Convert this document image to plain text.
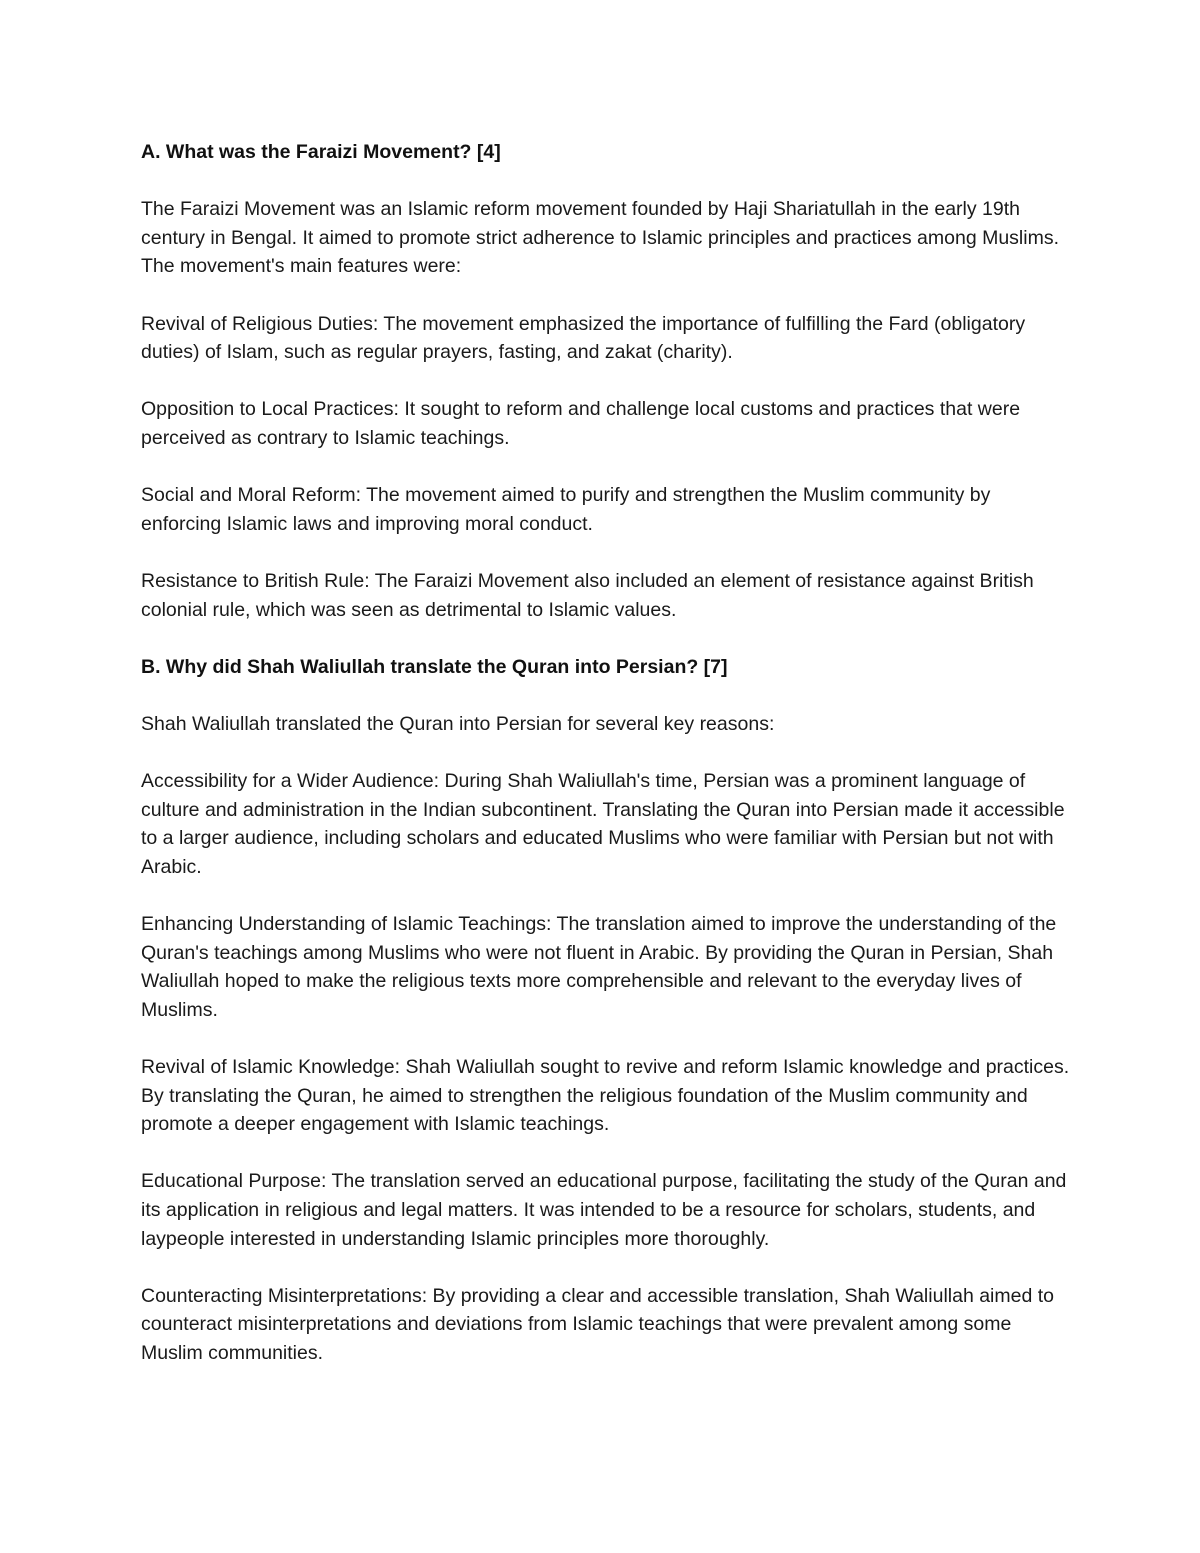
A. What was the Faraizi Movement? [4]

The Faraizi Movement was an Islamic reform movement founded by Haji Shariatullah in the early 19th century in Bengal. It aimed to promote strict adherence to Islamic principles and practices among Muslims. The movement's main features were:

Revival of Religious Duties: The movement emphasized the importance of fulfilling the Fard (obligatory duties) of Islam, such as regular prayers, fasting, and zakat (charity).

Opposition to Local Practices: It sought to reform and challenge local customs and practices that were perceived as contrary to Islamic teachings.

Social and Moral Reform: The movement aimed to purify and strengthen the Muslim community by enforcing Islamic laws and improving moral conduct.

Resistance to British Rule: The Faraizi Movement also included an element of resistance against British colonial rule, which was seen as detrimental to Islamic values.

B. Why did Shah Waliullah translate the Quran into Persian? [7]

Shah Waliullah translated the Quran into Persian for several key reasons:

Accessibility for a Wider Audience: During Shah Waliullah's time, Persian was a prominent language of culture and administration in the Indian subcontinent. Translating the Quran into Persian made it accessible to a larger audience, including scholars and educated Muslims who were familiar with Persian but not with Arabic.

Enhancing Understanding of Islamic Teachings: The translation aimed to improve the understanding of the Quran's teachings among Muslims who were not fluent in Arabic. By providing the Quran in Persian, Shah Waliullah hoped to make the religious texts more comprehensible and relevant to the everyday lives of Muslims.

Revival of Islamic Knowledge: Shah Waliullah sought to revive and reform Islamic knowledge and practices. By translating the Quran, he aimed to strengthen the religious foundation of the Muslim community and promote a deeper engagement with Islamic teachings.

Educational Purpose: The translation served an educational purpose, facilitating the study of the Quran and its application in religious and legal matters. It was intended to be a resource for scholars, students, and laypeople interested in understanding Islamic principles more thoroughly.

Counteracting Misinterpretations: By providing a clear and accessible translation, Shah Waliullah aimed to counteract misinterpretations and deviations from Islamic teachings that were prevalent among some Muslim communities.
